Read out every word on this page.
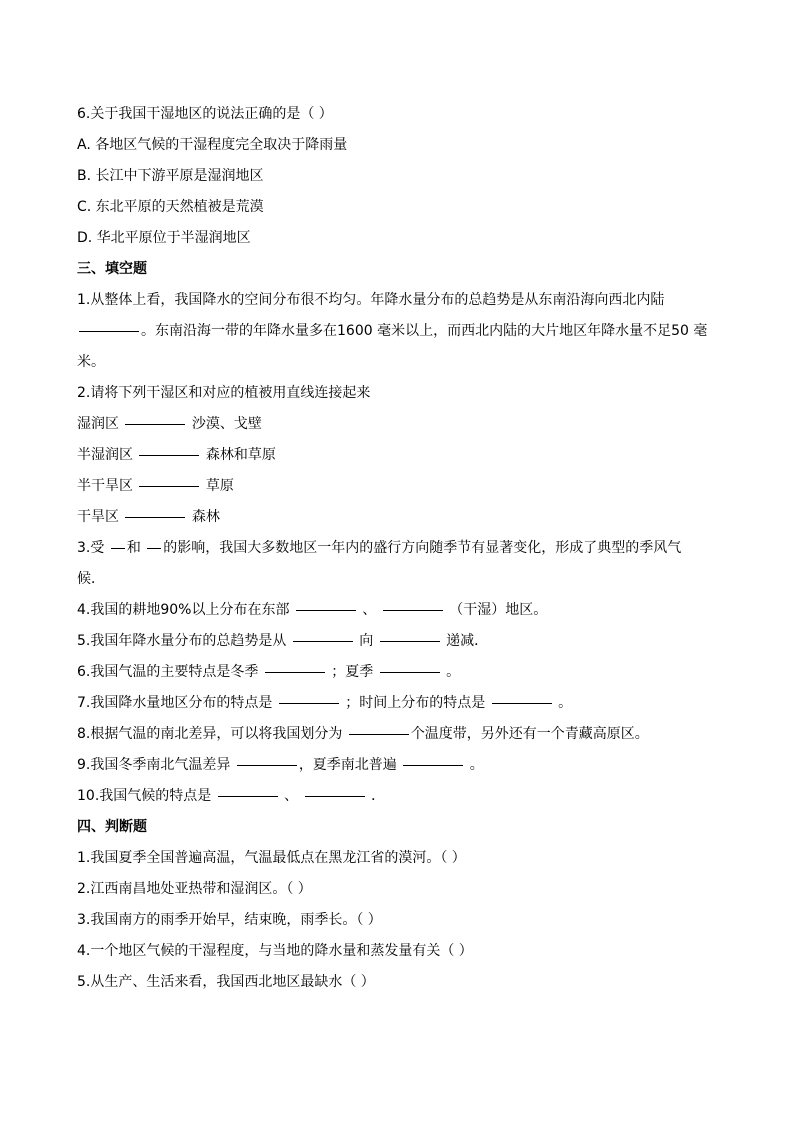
6.关于我国干湿地区的说法正确的是（ ）
A. 各地区气候的干湿程度完全取决于降雨量
B. 长江中下游平原是湿润地区
C. 东北平原的天然植被是荒漠
D. 华北平原位于半湿润地区
三、填空题
1.从整体上看，我国降水的空间分布很不均匀。年降水量分布的总趋势是从东南沿海向西北内陆
。东南沿海一带的年降水量多在1600 毫米以上，而西北内陆的大片地区年降水量不足50 毫
米。
2.请将下列干湿区和对应的植被用直线连接起来
湿润区	沙漠、戈壁
半湿润区	森林和草原
半干旱区	草原
干旱区	森林
3.受 和 的影响，我国大多数地区一年内的盛行方向随季节有显著变化，形成了典型的季风气
候．
4.我国的耕地90%以上分布在东部	、	（干湿）地区。
5.我国年降水量分布的总趋势是从	向	递减．
6.我国气温的主要特点是冬季	；夏季	。
7.我国降水量地区分布的特点是	；时间上分布的特点是	。
8.根据气温的南北差异，可以将我国划分为	个温度带，另外还有一个青藏高原区。
9.我国冬季南北气温差异	，夏季南北普遍	。
10.我国气候的特点是	、	．
四、判断题
1.我国夏季全国普遍高温，气温最低点在黑龙江省的漠河。（ ）
2.江西南昌地处亚热带和湿润区。（ ）
3.我国南方的雨季开始早，结束晚，雨季长。（ ）
4.一个地区气候的干湿程度，与当地的降水量和蒸发量有关（ ）
5.从生产、生活来看，我国西北地区最缺水（ ）
